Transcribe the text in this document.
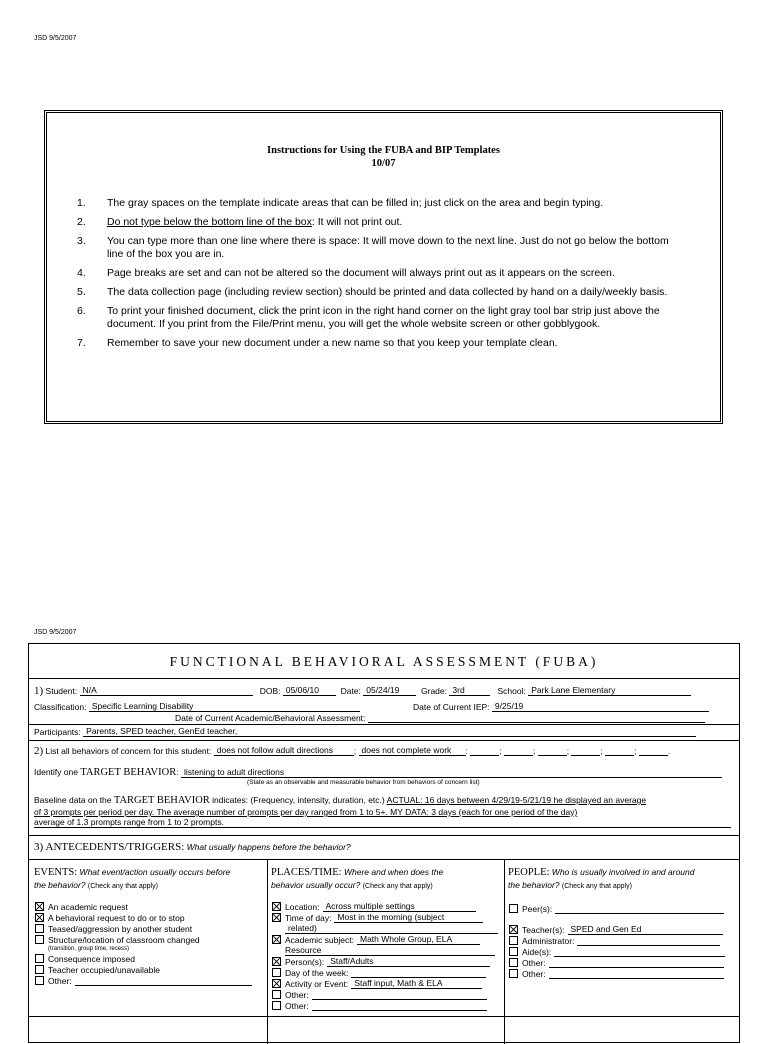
JSD 9/5/2007
Instructions for Using the FUBA and BIP Templates
10/07
1.	The gray spaces on the template indicate areas that can be filled in; just click on the area and begin typing.
2.	Do not type below the bottom line of the box: It will not print out.
3.	You can type more than one line where there is space: It will move down to the next line. Just do not go below the bottom line of the box you are in.
4.	Page breaks are set and can not be altered so the document will always print out as it appears on the screen.
5.	The data collection page (including review section) should be printed and data collected by hand on a daily/weekly basis.
6.	To print your finished document, click the print icon in the right hand corner on the light gray tool bar strip just above the document. If you print from the File/Print menu, you will get the whole website screen or other gobblygook.
7.	Remember to save your new document under a new name so that you keep your template clean.
JSD 9/5/2007
FUNCTIONAL BEHAVIORAL ASSESSMENT (FUBA)
1) Student: N/A	DOB: 05/06/10	Date: 05/24/19	Grade: 3rd	School: Park Lane Elementary
Classification: Specific Learning Disability	Date of Current IEP: 9/25/19
Date of Current Academic/Behavioral Assessment:
Participants: Parents, SPED teacher, GenEd teacher,
2) List all behaviors of concern for this student: does not follow adult directions ; does not complete work :	;	;	;	;	;	.
Identify one TARGET BEHAVIOR: listening to adult directions
(State as an observable and measurable behavior from behaviors of concern list)
Baseline data on the TARGET BEHAVIOR indicates: (Frequency, intensity, duration, etc.) ACTUAL: 16 days between 4/29/19-5/21/19 he displayed an average
of 3 prompts per period per day. The average number of prompts per day ranged from 1 to 5+. MY DATA: 3 days (each for one period of the day)
average of 1.3 prompts range from 1 to 2 prompts.
3) ANTECEDENTS/TRIGGERS: What usually happens before the behavior?
EVENTS: What event/action usually occurs before
the behavior? (Check any that apply)
An academic request
A behavioral request to do or to stop
Teased/aggression by another student
Structure/location of classroom changed
(transition, group time, recess)
Consequence imposed
Teacher occupied/unavailable
Other:
PLACES/TIME: Where and when does the
behavior usually occur? (Check any that apply)
Location: Across multiple settings
Time of day: Most in the morning (subject
related)
Academic subject: Math Whole Group, ELA
Resource
Person(s): Staff/Adults
Day of the week:
Activity or Event: Staff input, Math & ELA
Other:
Other:
PEOPLE: Who is usually involved in and around
the behavior? (Check any that apply)
Peer(s):
Teacher(s): SPED and Gen Ed
Administrator:
Aide(s):
Other:
Other:
